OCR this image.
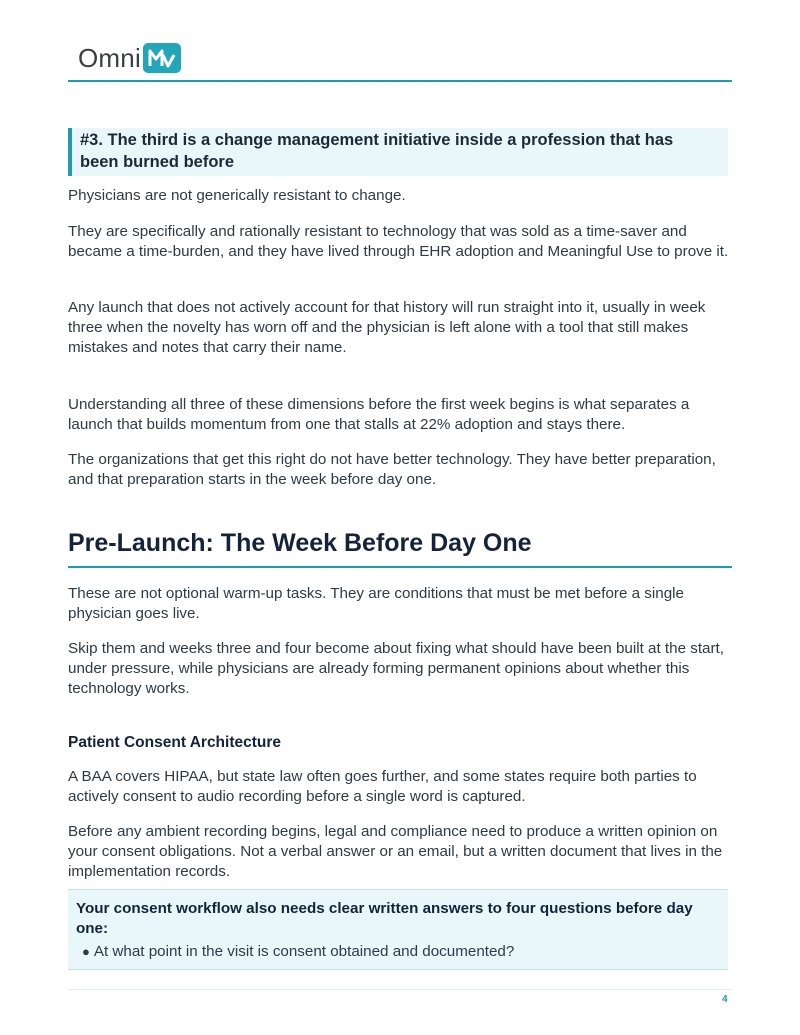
Omni
#3. The third is a change management initiative inside a profession that has been burned before

Physicians are not generically resistant to change.

They are specifically and rationally resistant to technology that was sold as a time-saver and became a time-burden, and they have lived through EHR adoption and Meaningful Use to prove it.

Any launch that does not actively account for that history will run straight into it, usually in week three when the novelty has worn off and the physician is left alone with a tool that still makes mistakes and notes that carry their name.

Understanding all three of these dimensions before the first week begins is what separates a launch that builds momentum from one that stalls at 22% adoption and stays there.

The organizations that get this right do not have better technology. They have better preparation, and that preparation starts in the week before day one.

Pre-Launch: The Week Before Day One

These are not optional warm-up tasks. They are conditions that must be met before a single physician goes live.

Skip them and weeks three and four become about fixing what should have been built at the start, under pressure, while physicians are already forming permanent opinions about whether this technology works.

Patient Consent Architecture

A BAA covers HIPAA, but state law often goes further, and some states require both parties to actively consent to audio recording before a single word is captured.

Before any ambient recording begins, legal and compliance need to produce a written opinion on your consent obligations. Not a verbal answer or an email, but a written document that lives in the implementation records.

Your consent workflow also needs clear written answers to four questions before day one:
● At what point in the visit is consent obtained and documented?
4
